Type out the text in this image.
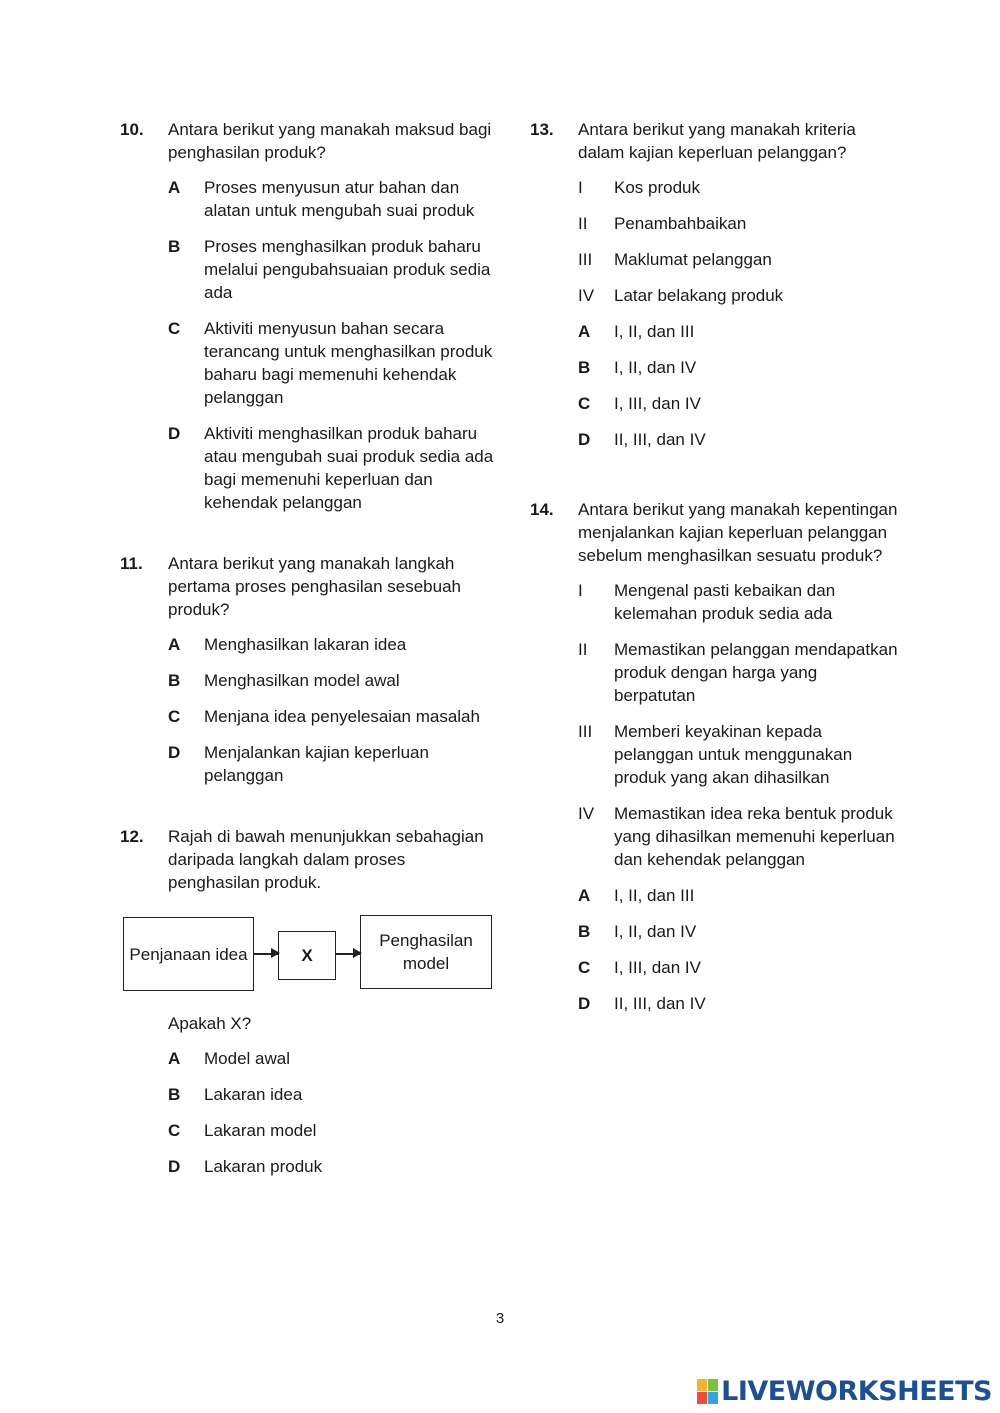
10.	Antara berikut yang manakah maksud bagi penghasilan produk?
A	Proses menyusun atur bahan dan alatan untuk mengubah suai produk
B	Proses menghasilkan produk baharu melalui pengubahsuaian produk sedia ada
C	Aktiviti menyusun bahan secara terancang untuk menghasilkan produk baharu bagi memenuhi kehendak pelanggan
D	Aktiviti menghasilkan produk baharu atau mengubah suai produk sedia ada bagi memenuhi keperluan dan kehendak pelanggan
11.	Antara berikut yang manakah langkah pertama proses penghasilan sesebuah produk?
A	Menghasilkan lakaran idea
B	Menghasilkan model awal
C	Menjana idea penyelesaian masalah
D	Menjalankan kajian keperluan pelanggan
12.	Rajah di bawah menunjukkan sebahagian daripada langkah dalam proses penghasilan produk.
Penjanaan idea	X
Penghasilan model
Apakah X?
A	Model awal
B	Lakaran idea
C	Lakaran model
D	Lakaran produk
13.	Antara berikut yang manakah kriteria dalam kajian keperluan pelanggan?
I	Kos produk
II	Penambahbaikan
III	Maklumat pelanggan
IV	Latar belakang produk
A	I, II, dan III
B	I, II, dan IV
C	I, III, dan IV
D	II, III, dan IV
14.	Antara berikut yang manakah kepentingan menjalankan kajian keperluan pelanggan sebelum menghasilkan sesuatu produk?
I	Mengenal pasti kebaikan dan kelemahan produk sedia ada
II	Memastikan pelanggan mendapatkan produk dengan harga yang berpatutan
III	Memberi keyakinan kepada pelanggan untuk menggunakan produk yang akan dihasilkan
IV	Memastikan idea reka bentuk produk yang dihasilkan memenuhi keperluan dan kehendak pelanggan
A	I, II, dan III
B	I, II, dan IV
C	I, III, dan IV
D	II, III, dan IV
3
LIVEWORKSHEETS
